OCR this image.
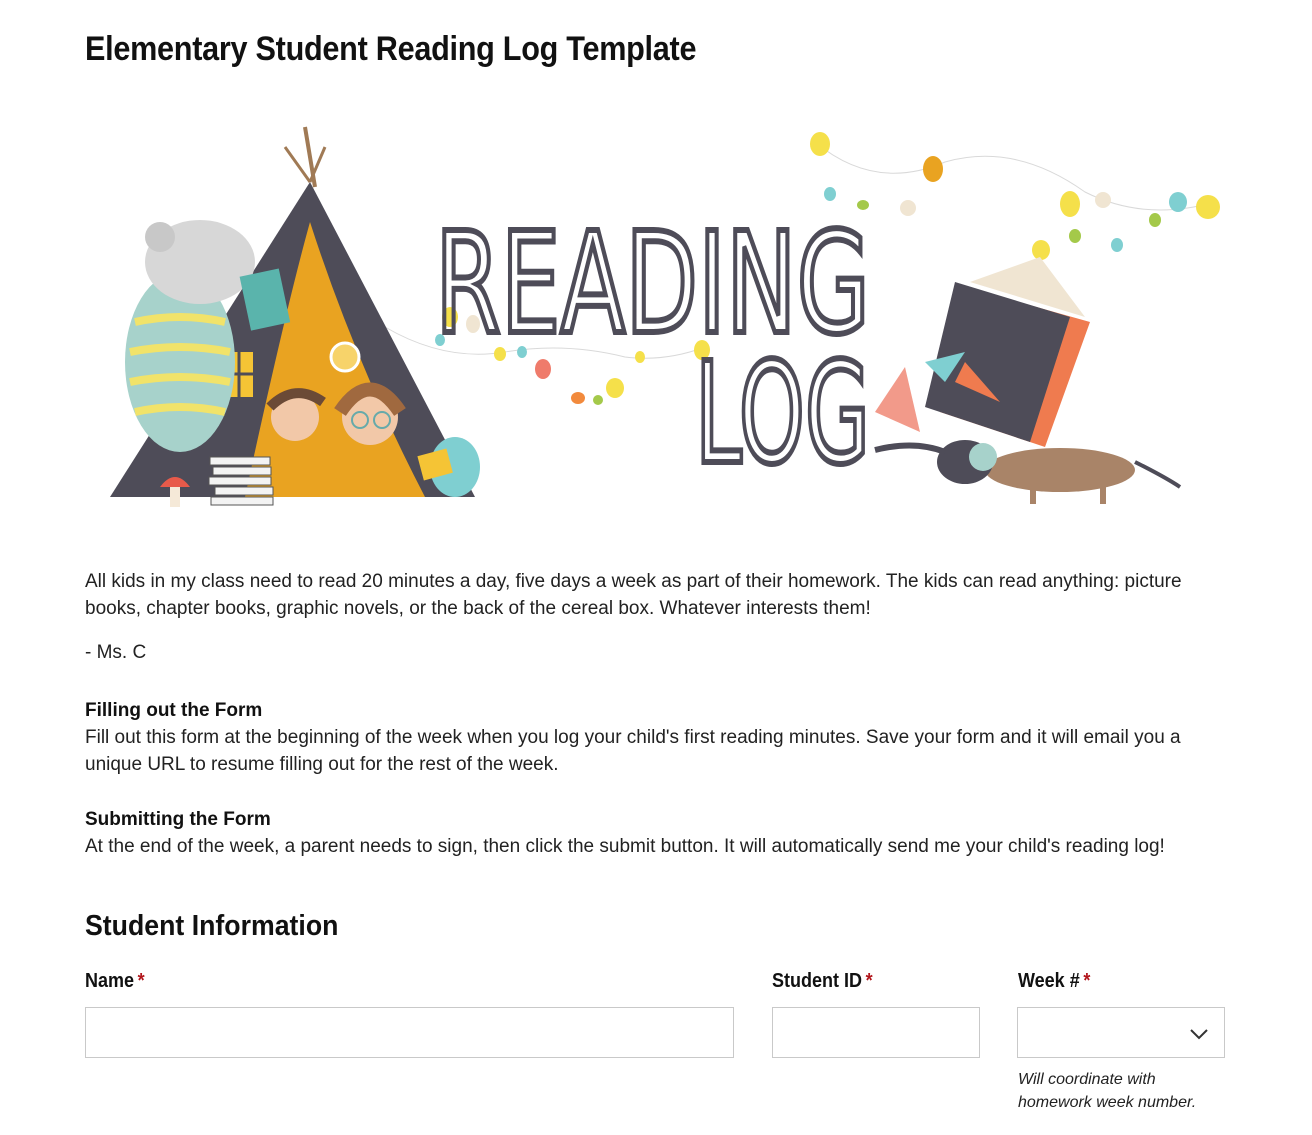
Elementary Student Reading Log Template
READING
LOG

All kids in my class need to read 20 minutes a day, five days a week as part of their homework. The kids can read anything: picture books, chapter books, graphic novels, or the back of the cereal box. Whatever interests them!

- Ms. C
Filling out the Form

Fill out this form at the beginning of the week when you log your child's first reading minutes. Save your form and it will email you a unique URL to resume filling out for the rest of the week.

Submitting the Form

At the end of the week, a parent needs to sign, then click the submit button. It will automatically send me your child's reading log!

Student Information
Name *	Student ID *	Week # *
Will coordinate with homework week number.
